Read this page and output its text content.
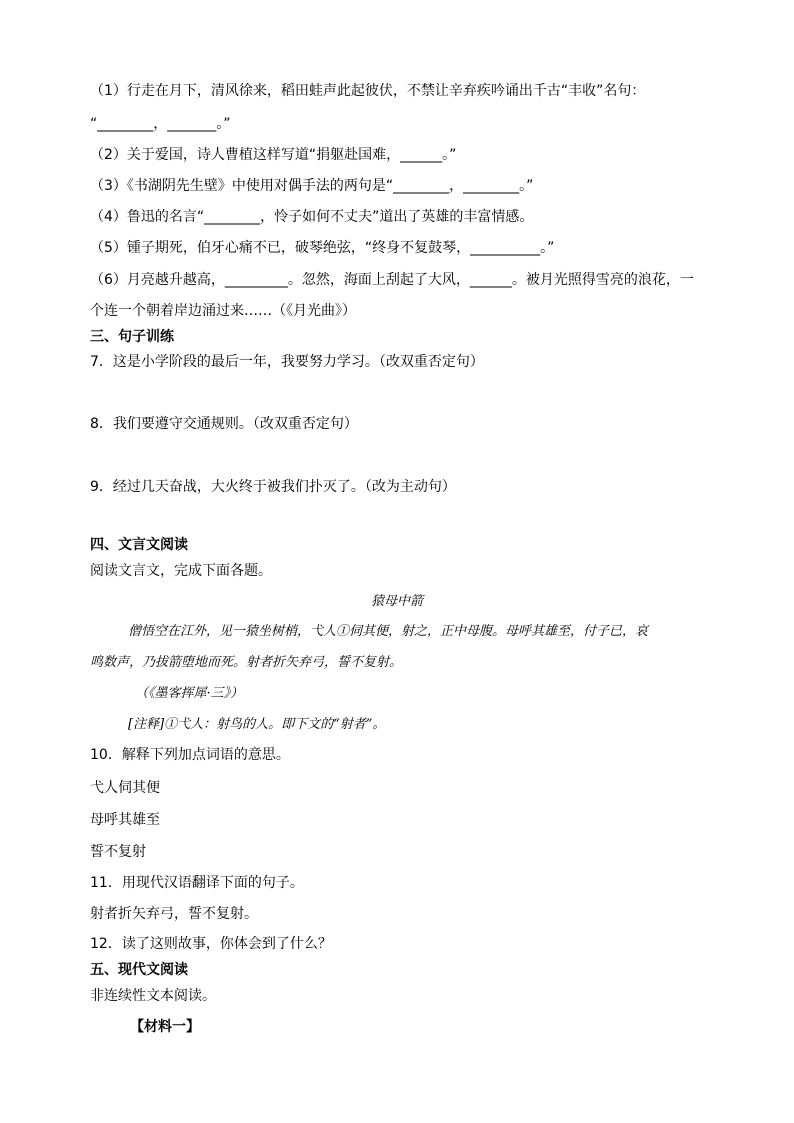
（1）行走在月下，清风徐来，稻田蛙声此起彼伏，不禁让辛弃疾吟诵出千古“丰收”名句：
“________，_______。”
（2）关于爱国，诗人曹植这样写道“捐躯赴国难，______。”
（3）《书湖阴先生壁》中使用对偶手法的两句是“________，________。”
（4）鲁迅的名言“________，怜子如何不丈夫”道出了英雄的丰富情感。
（5）锺子期死，伯牙心痛不已，破琴绝弦，“终身不复鼓琴，__________。”
（6）月亮越升越高，_________。忽然，海面上刮起了大风，______。被月光照得雪亮的浪花，一
个连一个朝着岸边涌过来……（《月光曲》）
三、句子训练
7．这是小学阶段的最后一年，我要努力学习。（改双重否定句）
8．我们要遵守交通规则。（改双重否定句）
9．经过几天奋战，大火终于被我们扑灭了。（改为主动句）
四、文言文阅读
阅读文言文，完成下面各题。
猿母中箭
僧悟空在江外，见一猿坐树梢，弋人①伺其便，射之，正中母腹。母呼其雄至，付子已，哀
鸣数声，乃拔箭堕地而死。射者折矢弃弓，誓不复射。
（《墨客挥犀·三》）
[注释]①弋人：射鸟的人。即下文的“射者”。
10．解释下列加点词语的意思。
弋人伺其便
母呼其雄至
誓不复射
11．用现代汉语翻译下面的句子。
射者折矢弃弓，誓不复射。
12．读了这则故事，你体会到了什么？
五、现代文阅读
非连续性文本阅读。
【材料一】
